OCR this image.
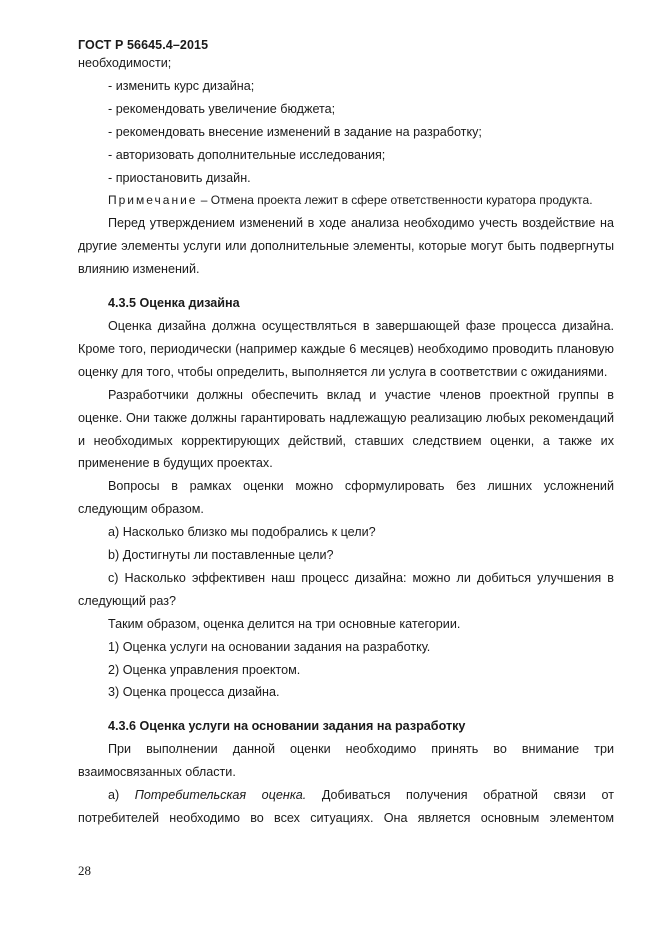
ГОСТ Р 56645.4–2015

необходимости;

- изменить курс дизайна;

- рекомендовать увеличение бюджета;

- рекомендовать внесение изменений в задание на разработку;

- авторизовать дополнительные исследования;

- приостановить дизайн.

Примечание – Отмена проекта лежит в сфере ответственности куратора продукта.

Перед утверждением изменений в ходе анализа необходимо учесть воздействие на другие элементы услуги или дополнительные элементы, которые могут быть подвергнуты влиянию изменений.

4.3.5 Оценка дизайна

Оценка дизайна должна осуществляться в завершающей фазе процесса дизайна. Кроме того, периодически (например каждые 6 месяцев) необходимо проводить плановую оценку для того, чтобы определить, выполняется ли услуга в соответствии с ожиданиями.

Разработчики должны обеспечить вклад и участие членов проектной группы в оценке. Они также должны гарантировать надлежащую реализацию любых рекомендаций и необходимых корректирующих действий, ставших следствием оценки, а также их применение в будущих проектах.

Вопросы в рамках оценки можно сформулировать без лишних усложнений следующим образом.

a) Насколько близко мы подобрались к цели?

b) Достигнуты ли поставленные цели?

c) Насколько эффективен наш процесс дизайна: можно ли добиться улучшения в следующий раз?

Таким образом, оценка делится на три основные категории.

1) Оценка услуги на основании задания на разработку.

2) Оценка управления проектом.

3) Оценка процесса дизайна.

4.3.6 Оценка услуги на основании задания на разработку

При выполнении данной оценки необходимо принять во внимание три взаимосвязанных области.

а) Потребительская оценка. Добиваться получения обратной связи от потребителей необходимо во всех ситуациях. Она является основным элементом

28
